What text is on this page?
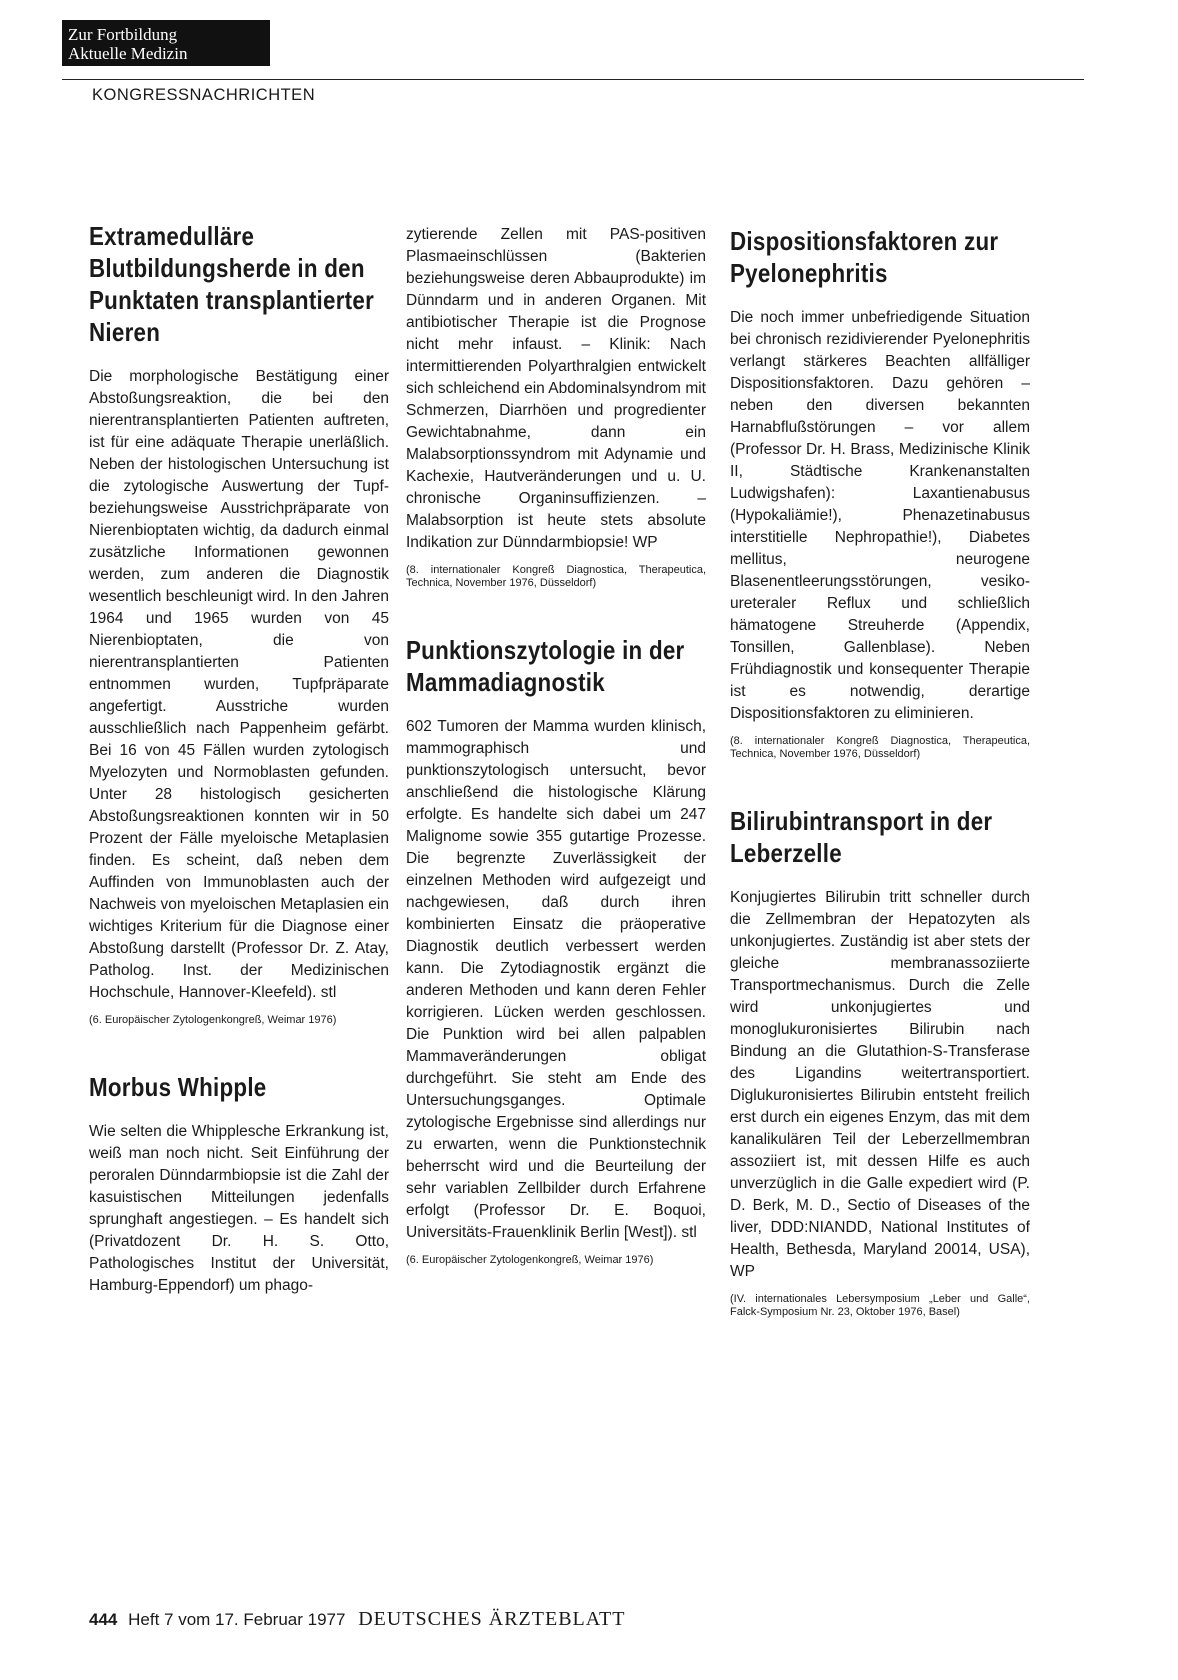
Zur Fortbildung
Aktuelle Medizin
KONGRESSNACHRICHTEN
Extramedulläre Blutbildungsherde in den Punktaten transplantierter Nieren

Die morphologische Bestätigung einer Abstoßungsreaktion, die bei den nierentransplantierten Patienten auftreten, ist für eine adäquate Therapie unerläßlich. Neben der histologischen Untersuchung ist die zytologische Auswertung der Tupf- beziehungsweise Ausstrichpräparate von Nierenbioptaten wichtig, da dadurch einmal zusätzliche Informationen gewonnen werden, zum anderen die Diagnostik wesentlich beschleunigt wird. In den Jahren 1964 und 1965 wurden von 45 Nierenbioptaten, die von nierentransplantierten Patienten entnommen wurden, Tupfpräparate angefertigt. Ausstriche wurden ausschließlich nach Pappenheim gefärbt. Bei 16 von 45 Fällen wurden zytologisch Myelozyten und Normoblasten gefunden. Unter 28 histologisch gesicherten Abstoßungsreaktionen konnten wir in 50 Prozent der Fälle myeloische Metaplasien finden. Es scheint, daß neben dem Auffinden von Immunoblasten auch der Nachweis von myeloischen Metaplasien ein wichtiges Kriterium für die Diagnose einer Abstoßung darstellt (Professor Dr. Z. Atay, Patholog. Inst. der Medizinischen Hochschule, Hannover-Kleefeld). stl

(6. Europäischer Zytologenkongreß, Weimar 1976)

Morbus Whipple

Wie selten die Whipplesche Erkrankung ist, weiß man noch nicht. Seit Einführung der peroralen Dünndarmbiopsie ist die Zahl der kasuistischen Mitteilungen jedenfalls sprunghaft angestiegen. – Es handelt sich (Privatdozent Dr. H. S. Otto, Pathologisches Institut der Universität, Hamburg-Eppendorf) um phago-

zytierende Zellen mit PAS-positiven Plasmaeinschlüssen (Bakterien beziehungsweise deren Abbauprodukte) im Dünndarm und in anderen Organen. Mit antibiotischer Therapie ist die Prognose nicht mehr infaust. – Klinik: Nach intermittierenden Polyarthralgien entwickelt sich schleichend ein Abdominalsyndrom mit Schmerzen, Diarrhöen und progredienter Gewichtabnahme, dann ein Malabsorptionssyndrom mit Adynamie und Kachexie, Hautveränderungen und u. U. chronische Organinsuffizienzen. – Malabsorption ist heute stets absolute Indikation zur Dünndarmbiopsie! WP

(8. internationaler Kongreß Diagnostica, Therapeutica, Technica, November 1976, Düsseldorf)

Punktionszytologie in der Mammadiagnostik

602 Tumoren der Mamma wurden klinisch, mammographisch und punktionszytologisch untersucht, bevor anschließend die histologische Klärung erfolgte. Es handelte sich dabei um 247 Malignome sowie 355 gutartige Prozesse. Die begrenzte Zuverlässigkeit der einzelnen Methoden wird aufgezeigt und nachgewiesen, daß durch ihren kombinierten Einsatz die präoperative Diagnostik deutlich verbessert werden kann. Die Zytodiagnostik ergänzt die anderen Methoden und kann deren Fehler korrigieren. Lücken werden geschlossen. Die Punktion wird bei allen palpablen Mammaveränderungen obligat durchgeführt. Sie steht am Ende des Untersuchungsganges. Optimale zytologische Ergebnisse sind allerdings nur zu erwarten, wenn die Punktionstechnik beherrscht wird und die Beurteilung der sehr variablen Zellbilder durch Erfahrene erfolgt (Professor Dr. E. Boquoi, Universitäts-Frauenklinik Berlin [West]). stl

(6. Europäischer Zytologenkongreß, Weimar 1976)

Dispositionsfaktoren zur Pyelonephritis

Die noch immer unbefriedigende Situation bei chronisch rezidivierender Pyelonephritis verlangt stärkeres Beachten allfälliger Dispositionsfaktoren. Dazu gehören – neben den diversen bekannten Harnabflußstörungen – vor allem (Professor Dr. H. Brass, Medizinische Klinik II, Städtische Krankenanstalten Ludwigshafen): Laxantienabusus (Hypokaliämie!), Phenazetinabusus interstitielle Nephropathie!), Diabetes mellitus, neurogene Blasenentleerungsstörungen, vesiko-ureteraler Reflux und schließlich hämatogene Streuherde (Appendix, Tonsillen, Gallenblase). Neben Frühdiagnostik und konsequenter Therapie ist es notwendig, derartige Dispositionsfaktoren zu eliminieren.

(8. internationaler Kongreß Diagnostica, Therapeutica, Technica, November 1976, Düsseldorf)

Bilirubintransport in der Leberzelle

Konjugiertes Bilirubin tritt schneller durch die Zellmembran der Hepatozyten als unkonjugiertes. Zuständig ist aber stets der gleiche membranassoziierte Transportmechanismus. Durch die Zelle wird unkonjugiertes und monoglukuronisiertes Bilirubin nach Bindung an die Glutathion-S-Transferase des Ligandins weitertransportiert. Diglukuronisiertes Bilirubin entsteht freilich erst durch ein eigenes Enzym, das mit dem kanalikulären Teil der Leberzellmembran assoziiert ist, mit dessen Hilfe es auch unverzüglich in die Galle expediert wird (P. D. Berk, M. D., Sectio of Diseases of the liver, DDD:NIANDD, National Institutes of Health, Bethesda, Maryland 20014, USA), WP

(IV. internationales Lebersymposium „Leber und Galle“, Falck-Symposium Nr. 23, Oktober 1976, Basel)

444 Heft 7 vom 17. Februar 1977 DEUTSCHES ÄRZTEBLATT
